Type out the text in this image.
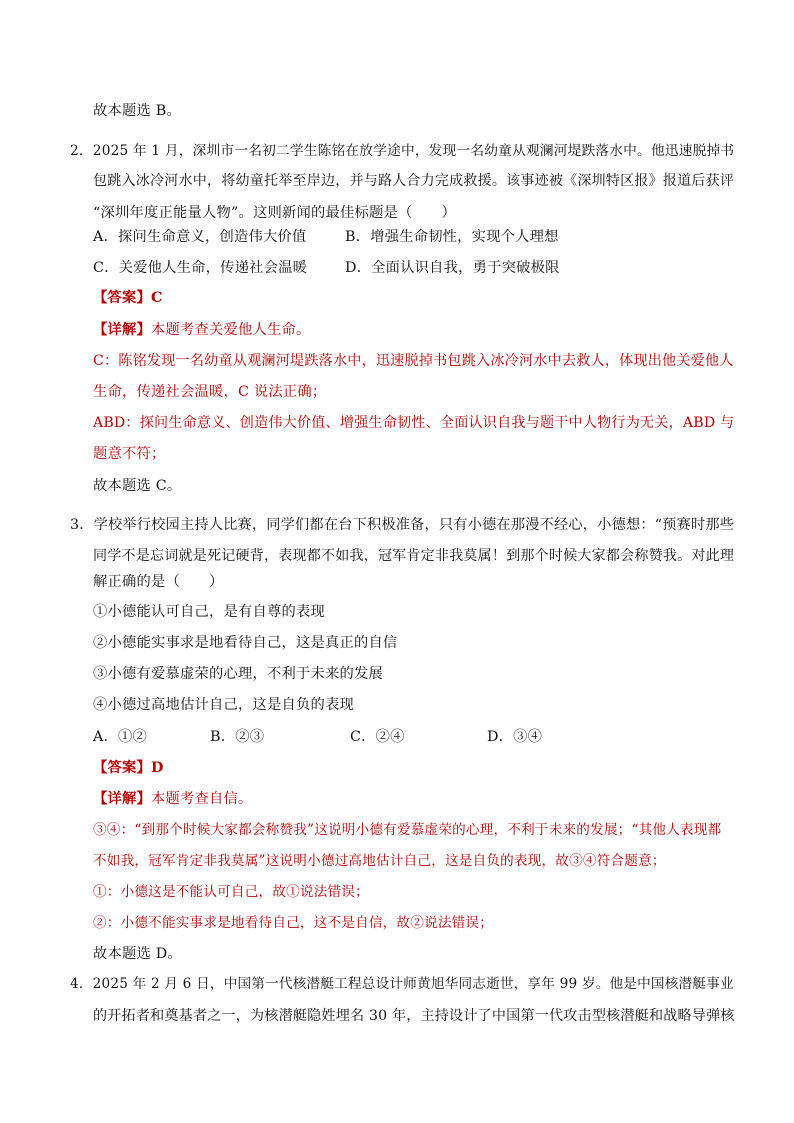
故本题选 B。
2．2025 年 1 月，深圳市一名初二学生陈铭在放学途中，发现一名幼童从观澜河堤跌落水中。他迅速脱掉书
包跳入冰冷河水中，将幼童托举至岸边，并与路人合力完成救援。该事迹被《深圳特区报》报道后获评
“深圳年度正能量人物”。这则新闻的最佳标题是（　　）
A．探问生命意义，创造伟大价值	B．增强生命韧性，实现个人理想
C．关爱他人生命，传递社会温暖	D．全面认识自我，勇于突破极限
【答案】C
【详解】本题考查关爱他人生命。
C：陈铭发现一名幼童从观澜河堤跌落水中，迅速脱掉书包跳入冰冷河水中去救人，体现出他关爱他人
生命，传递社会温暖，C 说法正确；
ABD：探问生命意义、创造伟大价值、增强生命韧性、全面认识自我与题干中人物行为无关，ABD 与
题意不符；
故本题选 C。
3．学校举行校园主持人比赛，同学们都在台下积极准备，只有小德在那漫不经心，小德想：“预赛时那些
同学不是忘词就是死记硬背，表现都不如我，冠军肯定非我莫属！到那个时候大家都会称赞我。对此理
解正确的是（　　）
①小德能认可自己，是有自尊的表现
②小德能实事求是地看待自己，这是真正的自信
③小德有爱慕虚荣的心理，不利于未来的发展
④小德过高地估计自己，这是自负的表现
A．①②	B．②③	C．②④	D．③④
【答案】D
【详解】本题考查自信。
③④：“到那个时候大家都会称赞我”这说明小德有爱慕虚荣的心理，不利于未来的发展；“其他人表现都
不如我，冠军肯定非我莫属”这说明小德过高地估计自己，这是自负的表现，故③④符合题意；
①：小德这是不能认可自己，故①说法错误；
②：小德不能实事求是地看待自己，这不是自信，故②说法错误；
故本题选 D。
4．2025 年 2 月 6 日，中国第一代核潜艇工程总设计师黄旭华同志逝世，享年 99 岁。他是中国核潜艇事业
的开拓者和奠基者之一，为核潜艇隐姓埋名 30 年，主持设计了中国第一代攻击型核潜艇和战略导弹核
